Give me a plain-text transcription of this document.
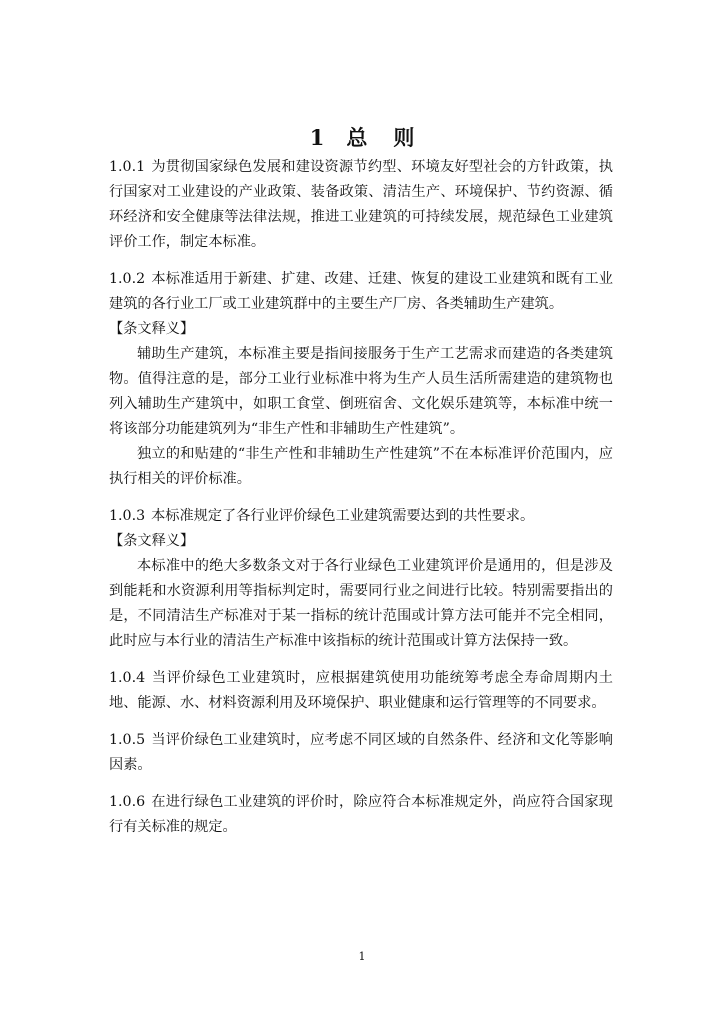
1 总 则

1.0.1 为贯彻国家绿色发展和建设资源节约型、环境友好型社会的方针政策，执行国家对工业建设的产业政策、装备政策、清洁生产、环境保护、节约资源、循环经济和安全健康等法律法规，推进工业建筑的可持续发展，规范绿色工业建筑评价工作，制定本标准。

1.0.2 本标准适用于新建、扩建、改建、迁建、恢复的建设工业建筑和既有工业建筑的各行业工厂或工业建筑群中的主要生产厂房、各类辅助生产建筑。

【条文释义】

辅助生产建筑，本标准主要是指间接服务于生产工艺需求而建造的各类建筑物。值得注意的是，部分工业行业标准中将为生产人员生活所需建造的建筑物也列入辅助生产建筑中，如职工食堂、倒班宿舍、文化娱乐建筑等，本标准中统一将该部分功能建筑列为“非生产性和非辅助生产性建筑”。

独立的和贴建的“非生产性和非辅助生产性建筑”不在本标准评价范围内，应执行相关的评价标准。

1.0.3 本标准规定了各行业评价绿色工业建筑需要达到的共性要求。

【条文释义】

本标准中的绝大多数条文对于各行业绿色工业建筑评价是通用的，但是涉及到能耗和水资源利用等指标判定时，需要同行业之间进行比较。特别需要指出的是，不同清洁生产标准对于某一指标的统计范围或计算方法可能并不完全相同，此时应与本行业的清洁生产标准中该指标的统计范围或计算方法保持一致。

1.0.4 当评价绿色工业建筑时，应根据建筑使用功能统筹考虑全寿命周期内土地、能源、水、材料资源利用及环境保护、职业健康和运行管理等的不同要求。

1.0.5 当评价绿色工业建筑时，应考虑不同区域的自然条件、经济和文化等影响因素。

1.0.6 在进行绿色工业建筑的评价时，除应符合本标准规定外，尚应符合国家现行有关标准的规定。

1
